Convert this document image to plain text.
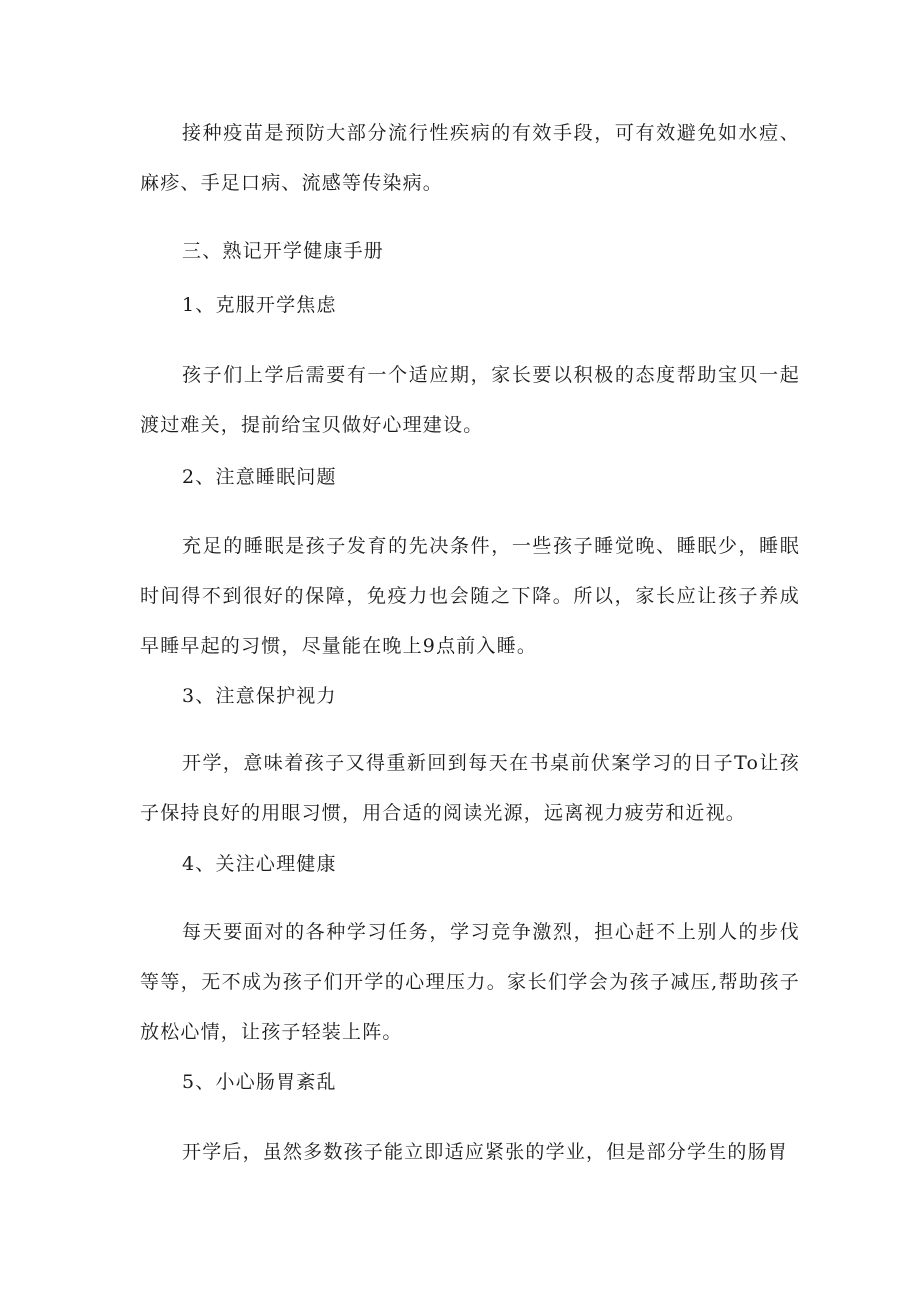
接种疫苗是预防大部分流行性疾病的有效手段，可有效避免如水痘、麻疹、手足口病、流感等传染病。

三、熟记开学健康手册

1、克服开学焦虑

孩子们上学后需要有一个适应期，家长要以积极的态度帮助宝贝一起渡过难关，提前给宝贝做好心理建设。

2、注意睡眠问题

充足的睡眠是孩子发育的先决条件，一些孩子睡觉晚、睡眠少，睡眠时间得不到很好的保障，免疫力也会随之下降。所以，家长应让孩子养成早睡早起的习惯，尽量能在晚上9点前入睡。

3、注意保护视力

开学，意味着孩子又得重新回到每天在书桌前伏案学习的日子To让孩子保持良好的用眼习惯，用合适的阅读光源，远离视力疲劳和近视。

4、关注心理健康

每天要面对的各种学习任务，学习竞争激烈，担心赶不上别人的步伐等等，无不成为孩子们开学的心理压力。家长们学会为孩子减压,帮助孩子放松心情，让孩子轻装上阵。

5、小心肠胃紊乱

开学后，虽然多数孩子能立即适应紧张的学业，但是部分学生的肠胃
